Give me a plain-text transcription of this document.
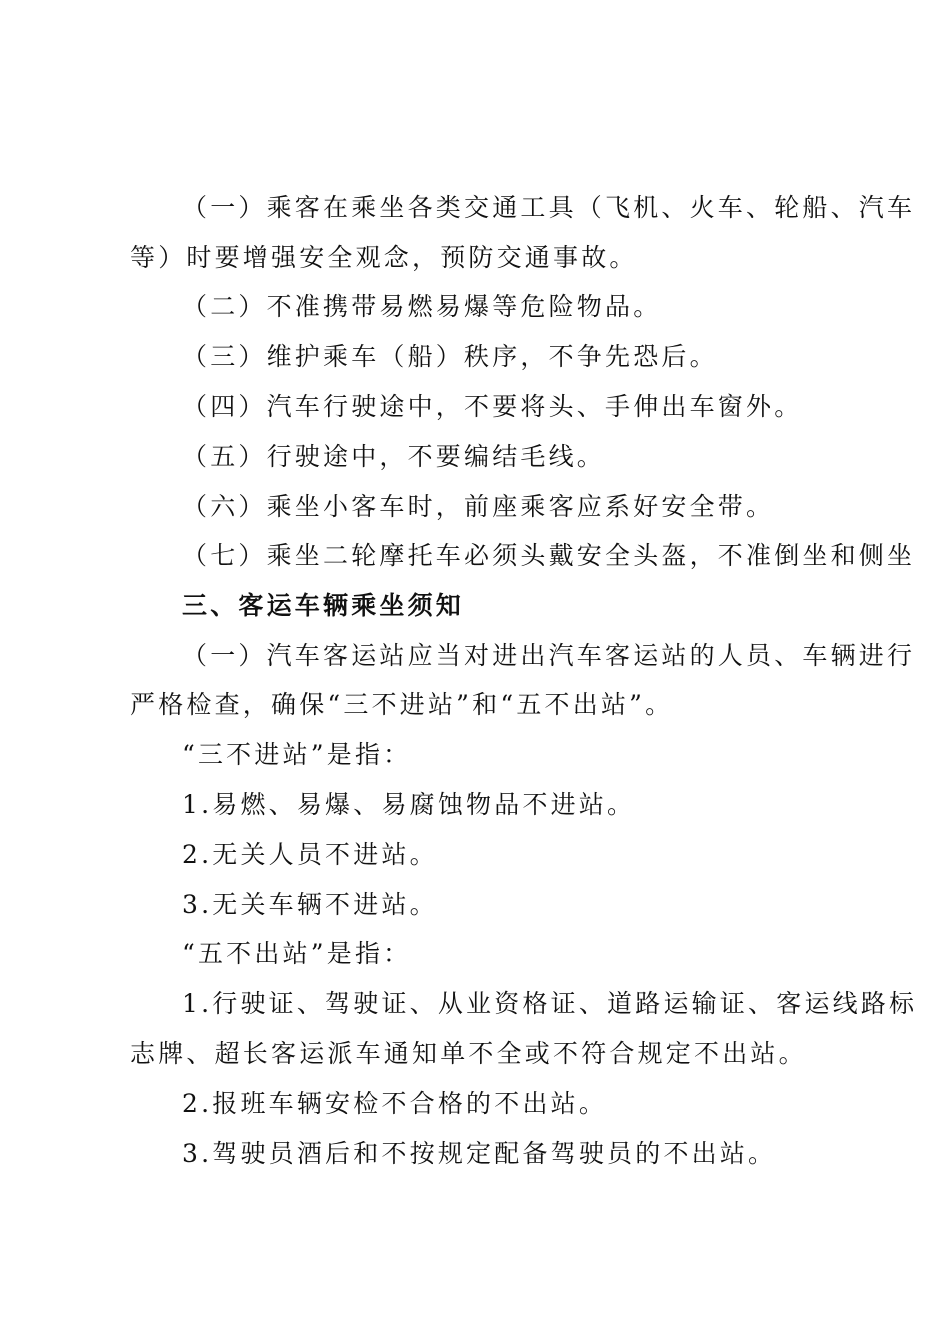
（一）乘客在乘坐各类交通工具（飞机、火车、轮船、汽车
等）时要增强安全观念，预防交通事故。
（二）不准携带易燃易爆等危险物品。
（三）维护乘车（船）秩序，不争先恐后。
（四）汽车行驶途中，不要将头、手伸出车窗外。
（五）行驶途中，不要编结毛线。
（六）乘坐小客车时，前座乘客应系好安全带。
（七）乘坐二轮摩托车必须头戴安全头盔，不准倒坐和侧坐
三、客运车辆乘坐须知
（一）汽车客运站应当对进出汽车客运站的人员、车辆进行
严格检查，确保“三不进站”和“五不出站”。
“三不进站”是指：
1.易燃、易爆、易腐蚀物品不进站。
2.无关人员不进站。
3.无关车辆不进站。
“五不出站”是指：
1.行驶证、驾驶证、从业资格证、道路运输证、客运线路标
志牌、超长客运派车通知单不全或不符合规定不出站。
2.报班车辆安检不合格的不出站。
3.驾驶员酒后和不按规定配备驾驶员的不出站。
